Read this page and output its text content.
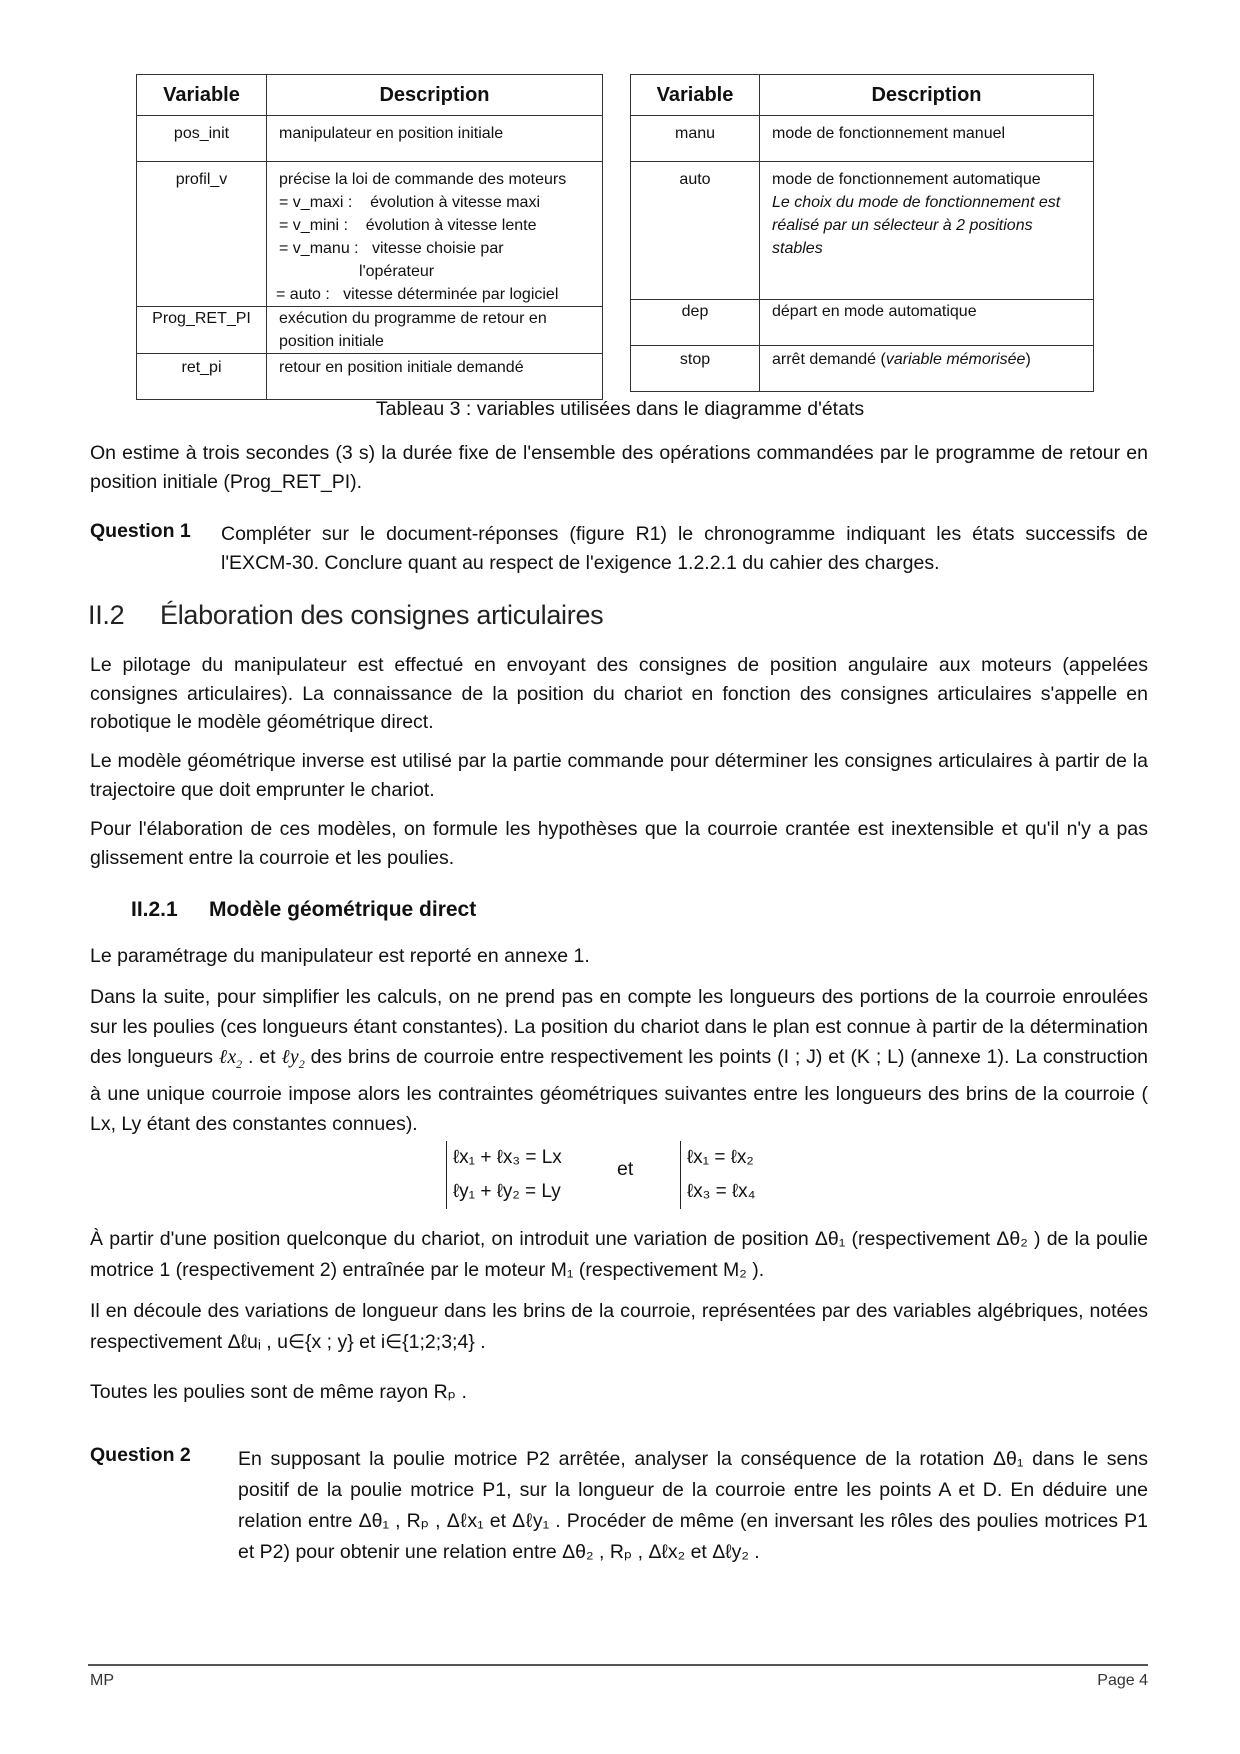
Variable	Description
pos_init	manipulateur en position initiale
profil_v	précise la loi de commande des moteurs
= v_maxi :    évolution à vitesse maxi
= v_mini :    évolution à vitesse lente
= v_manu :   vitesse choisie par
l'opérateur
= auto :   vitesse déterminée par logiciel

Prog_RET_PI	exécution du programme de retour en
position initiale

ret_pi	retour en position initiale demandé
Variable	Description
manu	mode de fonctionnement manuel
auto	mode de fonctionnement automatique
Le choix du mode de fonctionnement est réalisé par un sélecteur à 2 positions stables

dep	départ en mode automatique
stop	arrêt demandé (variable mémorisée)
Tableau 3 : variables utilisées dans le diagramme d'états
On estime à trois secondes (3 s) la durée fixe de l'ensemble des opérations commandées par le programme de retour en position initiale (Prog_RET_PI).
Question 1 Compléter sur le document-réponses (figure R1) le chronogramme indiquant les états successifs de l'EXCM-30. Conclure quant au respect de l'exigence 1.2.2.1 du cahier des charges.
II.2 Élaboration des consignes articulaires
Le pilotage du manipulateur est effectué en envoyant des consignes de position angulaire aux moteurs (appelées consignes articulaires). La connaissance de la position du chariot en fonction des consignes articulaires s'appelle en robotique le modèle géométrique direct.
Le modèle géométrique inverse est utilisé par la partie commande pour déterminer les consignes articulaires à partir de la trajectoire que doit emprunter le chariot.
Pour l'élaboration de ces modèles, on formule les hypothèses que la courroie crantée est inextensible et qu'il n'y a pas glissement entre la courroie et les poulies.
II.2.1 Modèle géométrique direct
Le paramétrage du manipulateur est reporté en annexe 1.
Dans la suite, pour simplifier les calculs, on ne prend pas en compte les longueurs des portions de la courroie enroulées sur les poulies (ces longueurs étant constantes). La position du chariot dans le plan est connue à partir de la détermination des longueurs ℓx$_2$ . et ℓy$_2$ des brins de courroie entre respectivement les points (I ; J) et (K ; L) (annexe 1). La construction à une unique courroie impose alors les contraintes géométriques suivantes entre les longueurs des brins de la courroie ( Lx, Ly étant des constantes connues).
ℓx₁ + ℓx₃ = Lx
ℓy₁ + ℓy₂ = Ly
et
ℓx₁ = ℓx₂
ℓx₃ = ℓx₄
À partir d'une position quelconque du chariot, on introduit une variation de position Δθ₁ (respectivement Δθ₂ ) de la poulie motrice 1 (respectivement 2) entraînée par le moteur M₁ (respectivement M₂ ).
Il en découle des variations de longueur dans les brins de la courroie, représentées par des variables algébriques, notées respectivement Δℓuᵢ , u∈{x ; y} et i∈{1;2;3;4} .
Toutes les poulies sont de même rayon Rₚ .
Question 2 En supposant la poulie motrice P2 arrêtée, analyser la conséquence de la rotation Δθ₁ dans le sens positif de la poulie motrice P1, sur la longueur de la courroie entre les points A et D. En déduire une relation entre Δθ₁ , Rₚ , Δℓx₁ et Δℓy₁ . Procéder de même (en inversant les rôles des poulies motrices P1 et P2) pour obtenir une relation entre Δθ₂ , Rₚ , Δℓx₂ et Δℓy₂ .
MP	Page 4
